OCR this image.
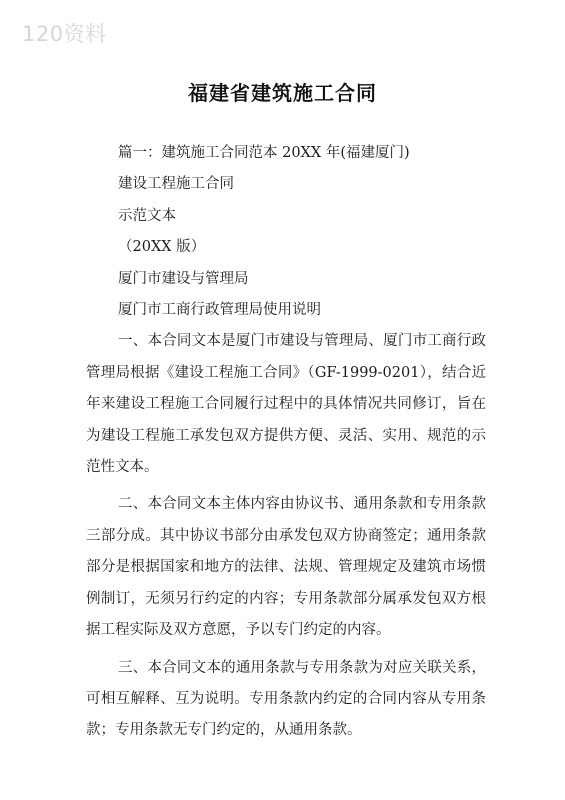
120资料
福建省建筑施工合同
篇一：建筑施工合同范本 20XX 年(福建厦门)
建设工程施工合同
示范文本
（20XX 版）
厦门市建设与管理局
厦门市工商行政管理局使用说明

一、本合同文本是厦门市建设与管理局、厦门市工商行政管理局根据《建设工程施工合同》（GF-1999-0201），结合近年来建设工程施工合同履行过程中的具体情况共同修订，旨在为建设工程施工承发包双方提供方便、灵活、实用、规范的示范性文本。

二、本合同文本主体内容由协议书、通用条款和专用条款三部分成。其中协议书部分由承发包双方协商签定；通用条款部分是根据国家和地方的法律、法规、管理规定及建筑市场惯例制订，无须另行约定的内容；专用条款部分属承发包双方根据工程实际及双方意愿，予以专门约定的内容。

三、本合同文本的通用条款与专用条款为对应关联关系，可相互解释、互为说明。专用条款内约定的合同内容从专用条款；专用条款无专门约定的，从通用条款。
